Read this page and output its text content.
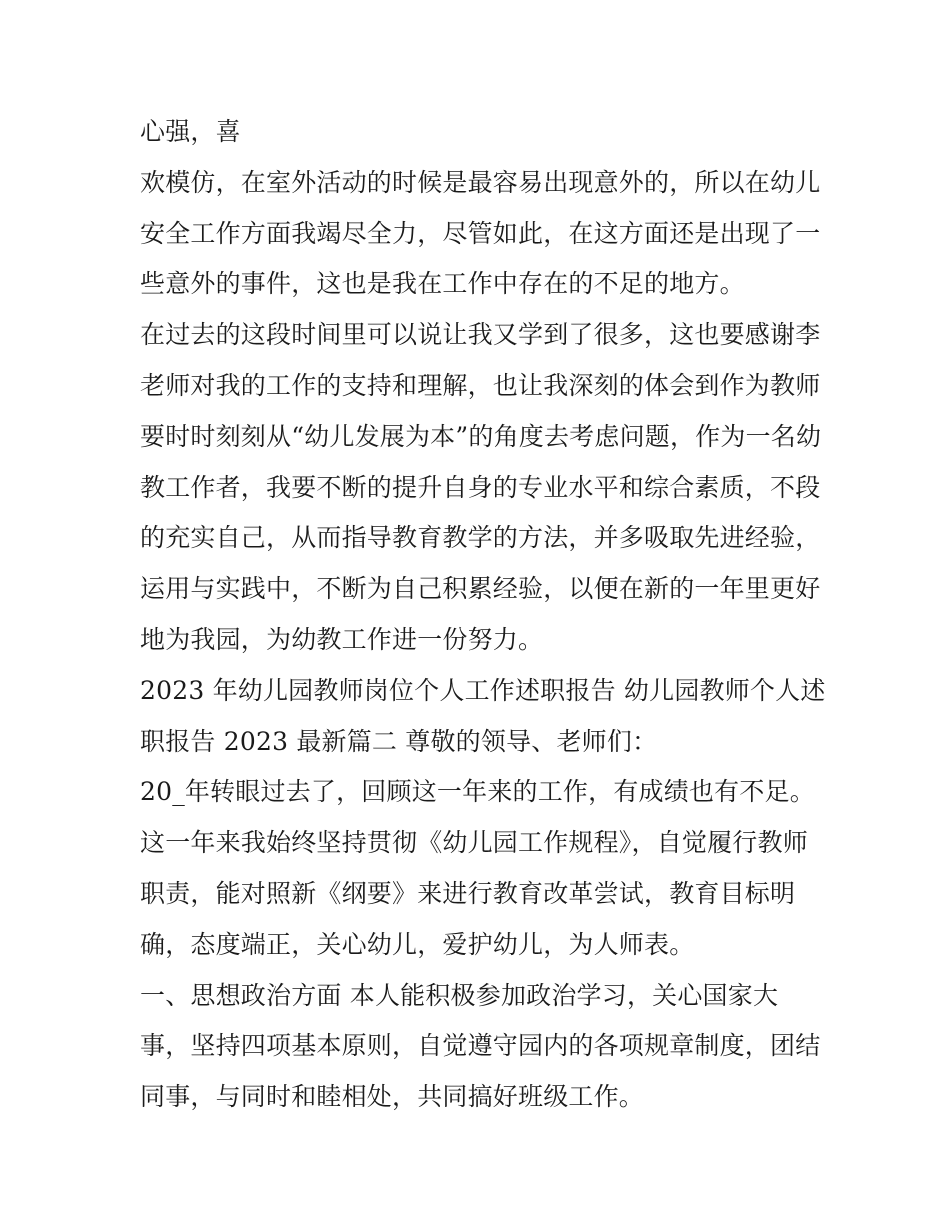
心强，喜
欢模仿，在室外活动的时候是最容易出现意外的，所以在幼儿
安全工作方面我竭尽全力，尽管如此，在这方面还是出现了一
些意外的事件，这也是我在工作中存在的不足的地方。
在过去的这段时间里可以说让我又学到了很多，这也要感谢李
老师对我的工作的支持和理解，也让我深刻的体会到作为教师
要时时刻刻从“幼儿发展为本”的角度去考虑问题，作为一名幼
教工作者，我要不断的提升自身的专业水平和综合素质，不段
的充实自己，从而指导教育教学的方法，并多吸取先进经验，
运用与实践中，不断为自己积累经验，以便在新的一年里更好
地为我园，为幼教工作进一份努力。
2023 年幼儿园教师岗位个人工作述职报告 幼儿园教师个人述
职报告 2023 最新篇二 尊敬的领导、老师们：
20_年转眼过去了，回顾这一年来的工作，有成绩也有不足。
这一年来我始终坚持贯彻《幼儿园工作规程》，自觉履行教师
职责，能对照新《纲要》来进行教育改革尝试，教育目标明
确，态度端正，关心幼儿，爱护幼儿，为人师表。
一、思想政治方面 本人能积极参加政治学习，关心国家大
事，坚持四项基本原则，自觉遵守园内的各项规章制度，团结
同事，与同时和睦相处，共同搞好班级工作。
